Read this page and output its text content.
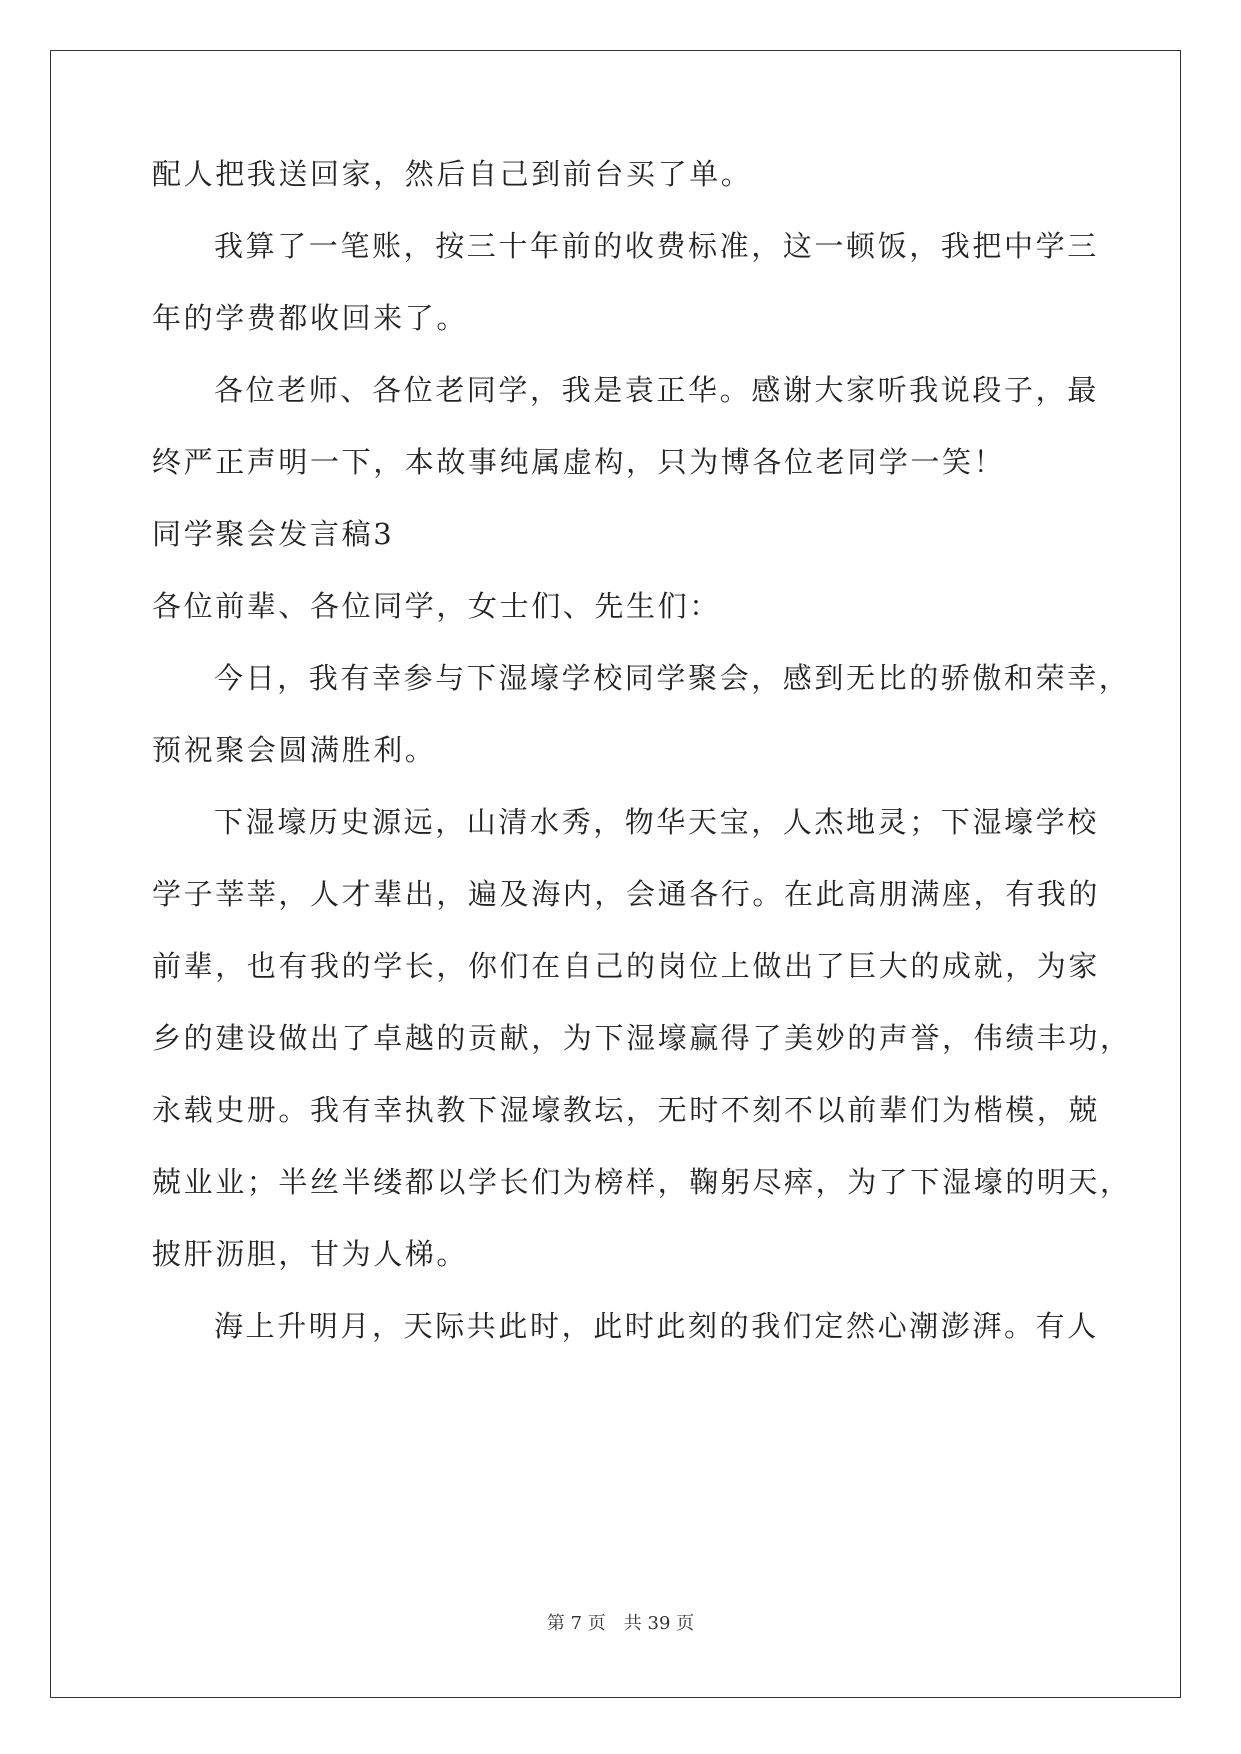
配人把我送回家，然后自己到前台买了单。
我算了一笔账，按三十年前的收费标准，这一顿饭，我把中学三
年的学费都收回来了。
各位老师、各位老同学，我是袁正华。感谢大家听我说段子，最
终严正声明一下，本故事纯属虚构，只为博各位老同学一笑！
同学聚会发言稿3
各位前辈、各位同学，女士们、先生们：
今日，我有幸参与下湿壕学校同学聚会，感到无比的骄傲和荣幸，
预祝聚会圆满胜利。
下湿壕历史源远，山清水秀，物华天宝，人杰地灵；下湿壕学校
学子莘莘，人才辈出，遍及海内，会通各行。在此高朋满座，有我的
前辈，也有我的学长，你们在自己的岗位上做出了巨大的成就，为家
乡的建设做出了卓越的贡献，为下湿壕赢得了美妙的声誉，伟绩丰功，
永载史册。我有幸执教下湿壕教坛，无时不刻不以前辈们为楷模，兢
兢业业；半丝半缕都以学长们为榜样，鞠躬尽瘁，为了下湿壕的明天，
披肝沥胆，甘为人梯。
海上升明月，天际共此时，此时此刻的我们定然心潮澎湃。有人
第 7 页 共 39 页
